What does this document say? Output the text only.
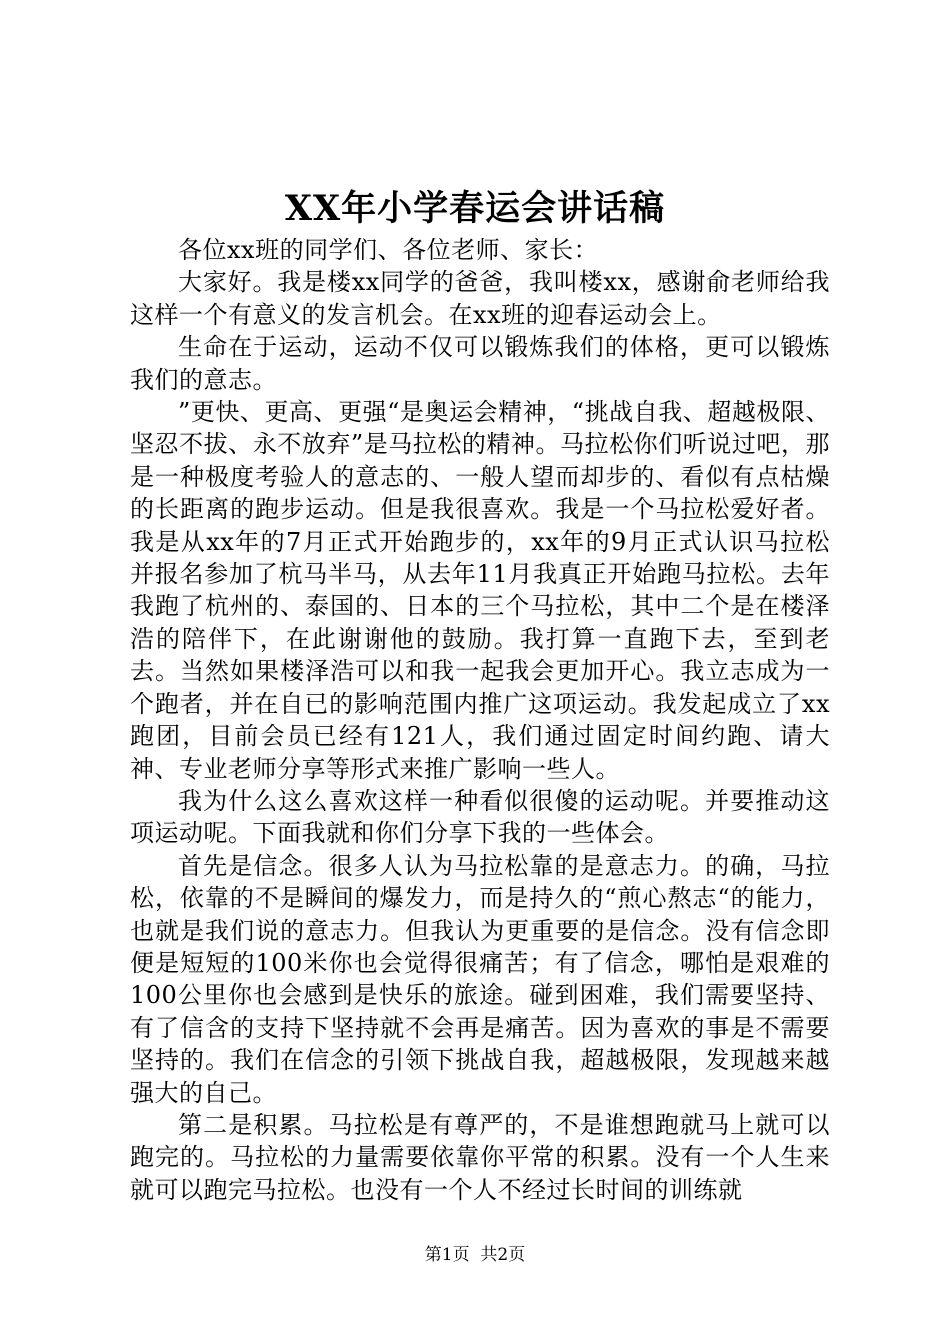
XX年小学春运会讲话稿

各位xx班的同学们、各位老师、家长：

大家好。我是楼xx同学的爸爸，我叫楼xx，感谢俞老师给我这样一个有意义的发言机会。在xx班的迎春运动会上。

生命在于运动，运动不仅可以锻炼我们的体格，更可以锻炼我们的意志。

”更快、更高、更强“是奥运会精神，“挑战自我、超越极限、坚忍不拔、永不放弃”是马拉松的精神。马拉松你们听说过吧，那是一种极度考验人的意志的、一般人望而却步的、看似有点枯燥的长距离的跑步运动。但是我很喜欢。我是一个马拉松爱好者。我是从xx年的7月正式开始跑步的，xx年的9月正式认识马拉松并报名参加了杭马半马，从去年11月我真正开始跑马拉松。去年我跑了杭州的、泰国的、日本的三个马拉松，其中二个是在楼泽浩的陪伴下，在此谢谢他的鼓励。我打算一直跑下去，至到老去。当然如果楼泽浩可以和我一起我会更加开心。我立志成为一个跑者，并在自已的影响范围内推广这项运动。我发起成立了xx跑团，目前会员已经有121人，我们通过固定时间约跑、请大神、专业老师分享等形式来推广影响一些人。

我为什么这么喜欢这样一种看似很傻的运动呢。并要推动这项运动呢。下面我就和你们分享下我的一些体会。

首先是信念。很多人认为马拉松靠的是意志力。的确，马拉松，依靠的不是瞬间的爆发力，而是持久的“煎心熬志“的能力，也就是我们说的意志力。但我认为更重要的是信念。没有信念即便是短短的100米你也会觉得很痛苦；有了信念，哪怕是艰难的100公里你也会感到是快乐的旅途。碰到困难，我们需要坚持、有了信含的支持下坚持就不会再是痛苦。因为喜欢的事是不需要坚持的。我们在信念的引领下挑战自我，超越极限，发现越来越强大的自己。

第二是积累。马拉松是有尊严的，不是谁想跑就马上就可以跑完的。马拉松的力量需要依靠你平常的积累。没有一个人生来就可以跑完马拉松。也没有一个人不经过长时间的训练就

第1页 共2页
